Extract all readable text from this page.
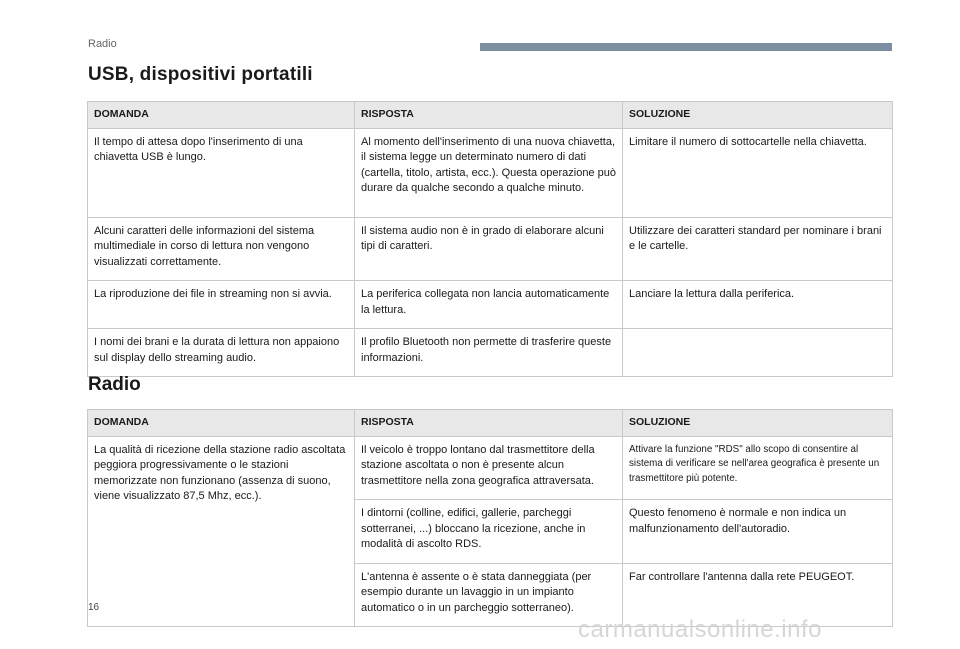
Radio
USB, dispositivi portatili
DOMANDA	RISPOSTA	SOLUZIONE
Il tempo di attesa dopo l'inserimento di una chiavetta USB è lungo.	Al momento dell'inserimento di una nuova chiavetta, il sistema legge un determinato numero di dati (cartella, titolo, artista, ecc.). Questa operazione può durare da qualche secondo a qualche minuto.	Limitare il numero di sottocartelle nella chiavetta.
Alcuni caratteri delle informazioni del sistema multimediale in corso di lettura non vengono visualizzati correttamente.	Il sistema audio non è in grado di elaborare alcuni tipi di caratteri.	Utilizzare dei caratteri standard per nominare i brani e le cartelle.
La riproduzione dei file in streaming non si avvia.	La periferica collegata non lancia automaticamente la lettura.	Lanciare la lettura dalla periferica.
I nomi dei brani e la durata di lettura non appaiono sul display dello streaming audio.	Il profilo Bluetooth non permette di trasferire queste informazioni.	
Radio
DOMANDA	RISPOSTA	SOLUZIONE
La qualità di ricezione della stazione radio ascoltata peggiora progressivamente o le stazioni memorizzate non funzionano (assenza di suono, viene visualizzato 87,5 Mhz, ecc.).	Il veicolo è troppo lontano dal trasmettitore della stazione ascoltata o non è presente alcun trasmettitore nella zona geografica attraversata.	Attivare la funzione "RDS" allo scopo di consentire al sistema di verificare se nell'area geografica è presente un trasmettitore più potente.
	I dintorni (colline, edifici, gallerie, parcheggi sotterranei, ...) bloccano la ricezione, anche in modalità di ascolto RDS.	Questo fenomeno è normale e non indica un malfunzionamento dell'autoradio.
	L'antenna è assente o è stata danneggiata (per esempio durante un lavaggio in un impianto automatico o in un parcheggio sotterraneo).	Far controllare l'antenna dalla rete PEUGEOT.
16
carmanualsonline.info
